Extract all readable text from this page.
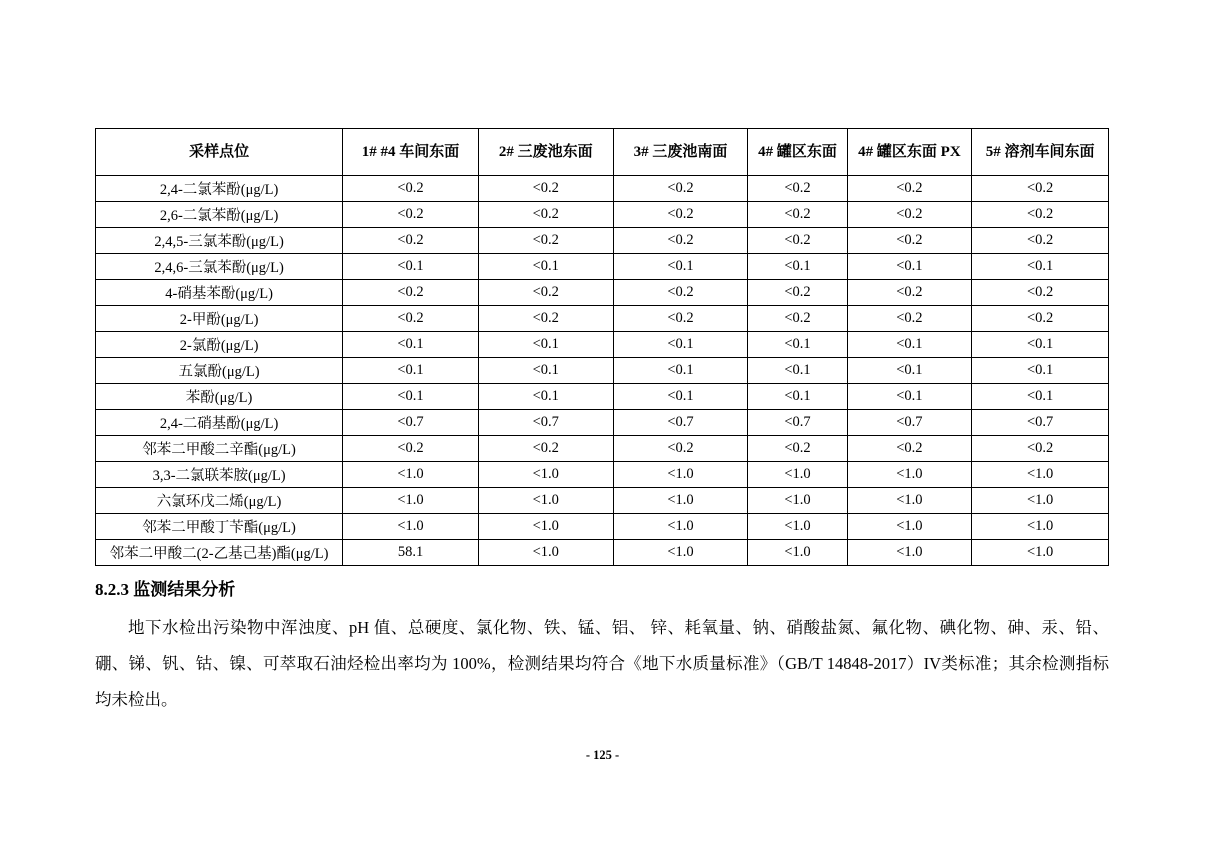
采样点位	1# #4 车间东面	2# 三废池东面	3# 三废池南面	4# 罐区东面	4# 罐区东面 PX	5# 溶剂车间东面
2,4-二氯苯酚(μg/L)	<0.2	<0.2	<0.2	<0.2	<0.2	<0.2
2,6-二氯苯酚(μg/L)	<0.2	<0.2	<0.2	<0.2	<0.2	<0.2
2,4,5-三氯苯酚(μg/L)	<0.2	<0.2	<0.2	<0.2	<0.2	<0.2
2,4,6-三氯苯酚(μg/L)	<0.1	<0.1	<0.1	<0.1	<0.1	<0.1
4-硝基苯酚(μg/L)	<0.2	<0.2	<0.2	<0.2	<0.2	<0.2
2-甲酚(μg/L)	<0.2	<0.2	<0.2	<0.2	<0.2	<0.2
2-氯酚(μg/L)	<0.1	<0.1	<0.1	<0.1	<0.1	<0.1
五氯酚(μg/L)	<0.1	<0.1	<0.1	<0.1	<0.1	<0.1
苯酚(μg/L)	<0.1	<0.1	<0.1	<0.1	<0.1	<0.1
2,4-二硝基酚(μg/L)	<0.7	<0.7	<0.7	<0.7	<0.7	<0.7
邻苯二甲酸二辛酯(μg/L)	<0.2	<0.2	<0.2	<0.2	<0.2	<0.2
3,3-二氯联苯胺(μg/L)	<1.0	<1.0	<1.0	<1.0	<1.0	<1.0
六氯环戊二烯(μg/L)	<1.0	<1.0	<1.0	<1.0	<1.0	<1.0
邻苯二甲酸丁苄酯(μg/L)	<1.0	<1.0	<1.0	<1.0	<1.0	<1.0
邻苯二甲酸二(2-乙基己基)酯(μg/L)	58.1	<1.0	<1.0	<1.0	<1.0	<1.0
8.2.3 监测结果分析

地下水检出污染物中浑浊度、pH 值、总硬度、氯化物、铁、锰、铝、 锌、耗氧量、钠、硝酸盐氮、氟化物、碘化物、砷、汞、铅、硼、锑、钒、钴、镍、可萃取石油烃检出率均为 100%，检测结果均符合《地下水质量标准》（GB/T 14848-2017）IV类标准；其余检测指标均未检出。

- 125 -
